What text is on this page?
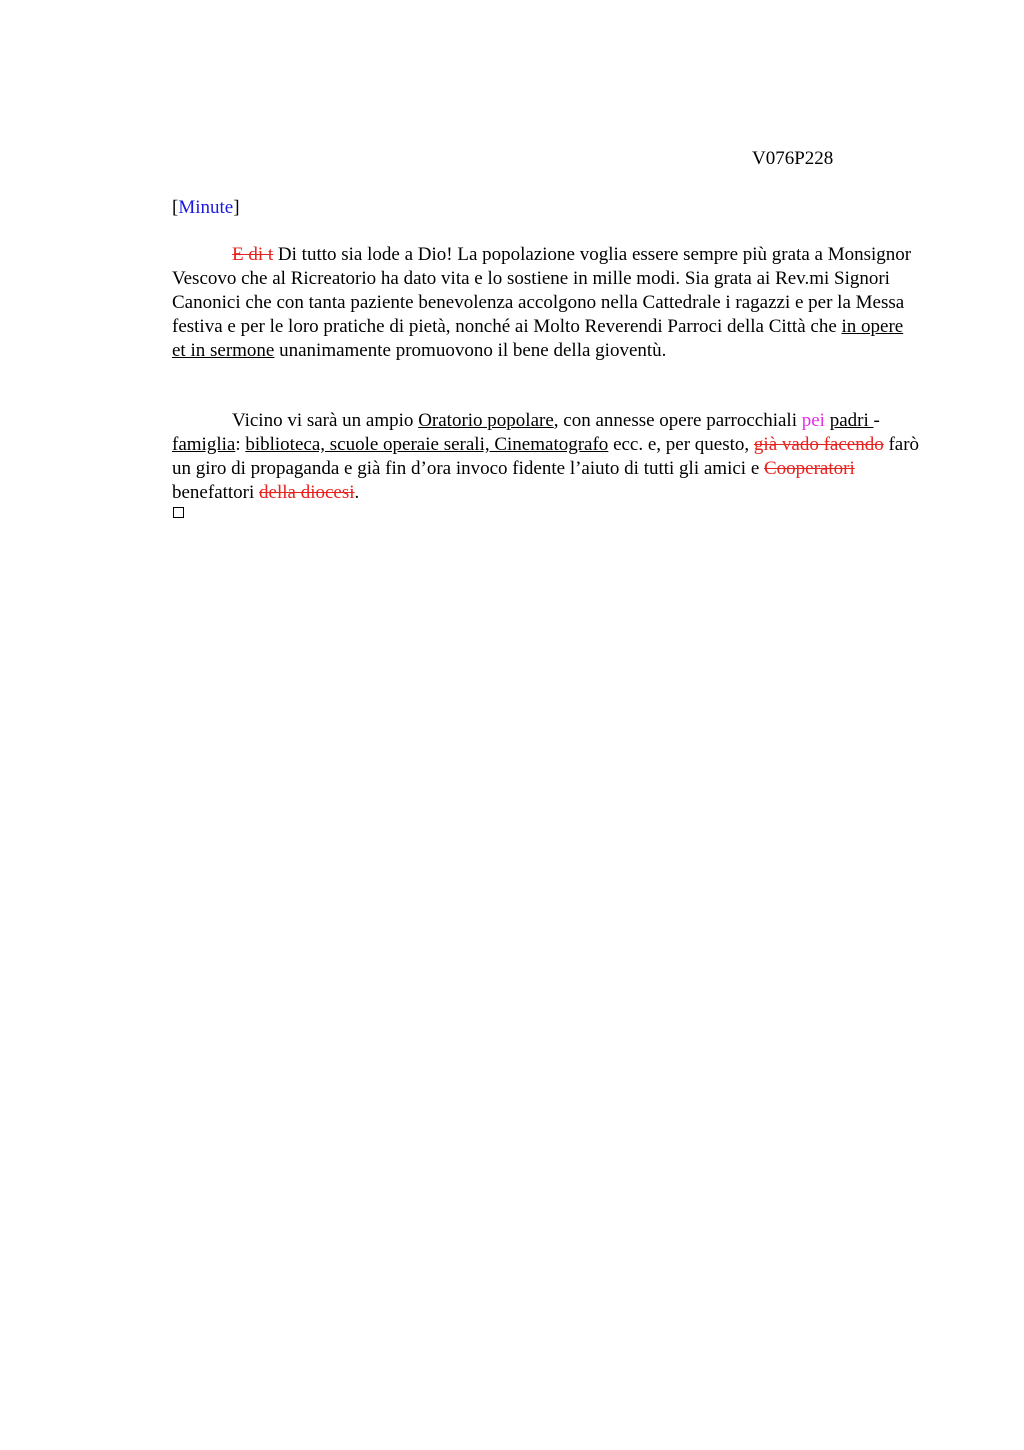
V076P228
[Minute]

E di t Di tutto sia lode a Dio! La popolazione voglia essere sempre più grata a Monsignor Vescovo che al Ricreatorio ha dato vita e lo sostiene in mille modi. Sia grata ai Rev.mi Signori Canonici che con tanta paziente benevolenza accolgono nella Cattedrale i ragazzi e per la Messa festiva e per le loro pratiche di pietà, nonché ai Molto Reverendi Parroci della Città che in opere et in sermone unanimamente promuovono il bene della gioventù.

Vicino vi sarà un ampio Oratorio popolare, con annesse opere parrocchiali pei padri - famiglia: biblioteca, scuole operaie serali, Cinematografo ecc. e, per questo, già vado facendo farò un giro di propaganda e già fin d’ora invoco fidente l’aiuto di tutti gli amici e Cooperatori benefattori della diocesi.
